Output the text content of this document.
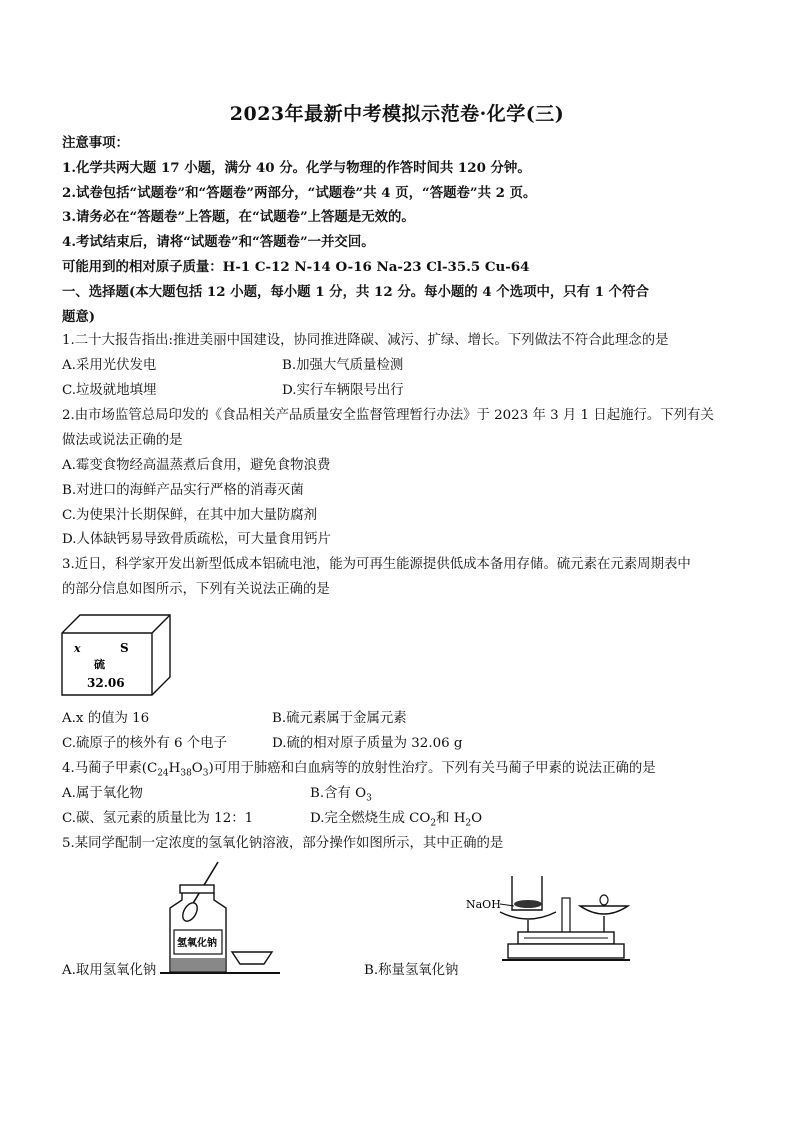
2023年最新中考模拟示范卷·化学(三)
注意事项：
1.化学共两大题 17 小题，满分 40 分。化学与物理的作答时间共 120 分钟。
2.试卷包括“试题卷”和“答题卷”两部分，“试题卷”共 4 页，“答题卷”共 2 页。
3.请务必在“答题卷”上答题，在“试题卷”上答题是无效的。
4.考试结束后，请将“试题卷”和“答题卷”一并交回。
可能用到的相对原子质量：H-1 C-12 N-14 O-16 Na-23 Cl-35.5 Cu-64
一、选择题(本大题包括 12 小题，每小题 1 分，共 12 分。每小题的 4 个选项中，只有 1 个符合
题意)
1.二十大报告指出:推进美丽中国建设，协同推进降碳、减污、扩绿、增长。下列做法不符合此理念的是
A.采用光伏发电	B.加强大气质量检测
C.垃圾就地填埋	D.实行车辆限号出行
2.由市场监管总局印发的《食品相关产品质量安全监督管理暂行办法》于 2023 年 3 月 1 日起施行。下列有关
做法或说法正确的是
A.霉变食物经高温蒸煮后食用，避免食物浪费
B.对进口的海鲜产品实行严格的消毒灭菌
C.为使果汁长期保鲜，在其中加大量防腐剂
D.人体缺钙易导致骨质疏松，可大量食用钙片
3.近日，科学家开发出新型低成本铝硫电池，能为可再生能源提供低成本备用存储。硫元素在元素周期表中
的部分信息如图所示，下列有关说法正确的是
x	S
硫
32.06
A.x 的值为 16	B.硫元素属于金属元素
C.硫原子的核外有 6 个电子	D.硫的相对原子质量为 32.06 g
4.马蔺子甲素$(C_{24}H_{38}O_3)$可用于肺癌和白血病等的放射性治疗。下列有关马蔺子甲素的说法正确的是
A.属于氧化物	B.含有 $O_3$
C.碳、氢元素的质量比为 12：1	D.完全燃烧生成 $CO_2$和 $H_2O$
5.某同学配制一定浓度的氢氧化钠溶液，部分操作如图所示，其中正确的是
氢氧化钠
A.取用氢氧化钠
NaOH
B.称量氢氧化钠
